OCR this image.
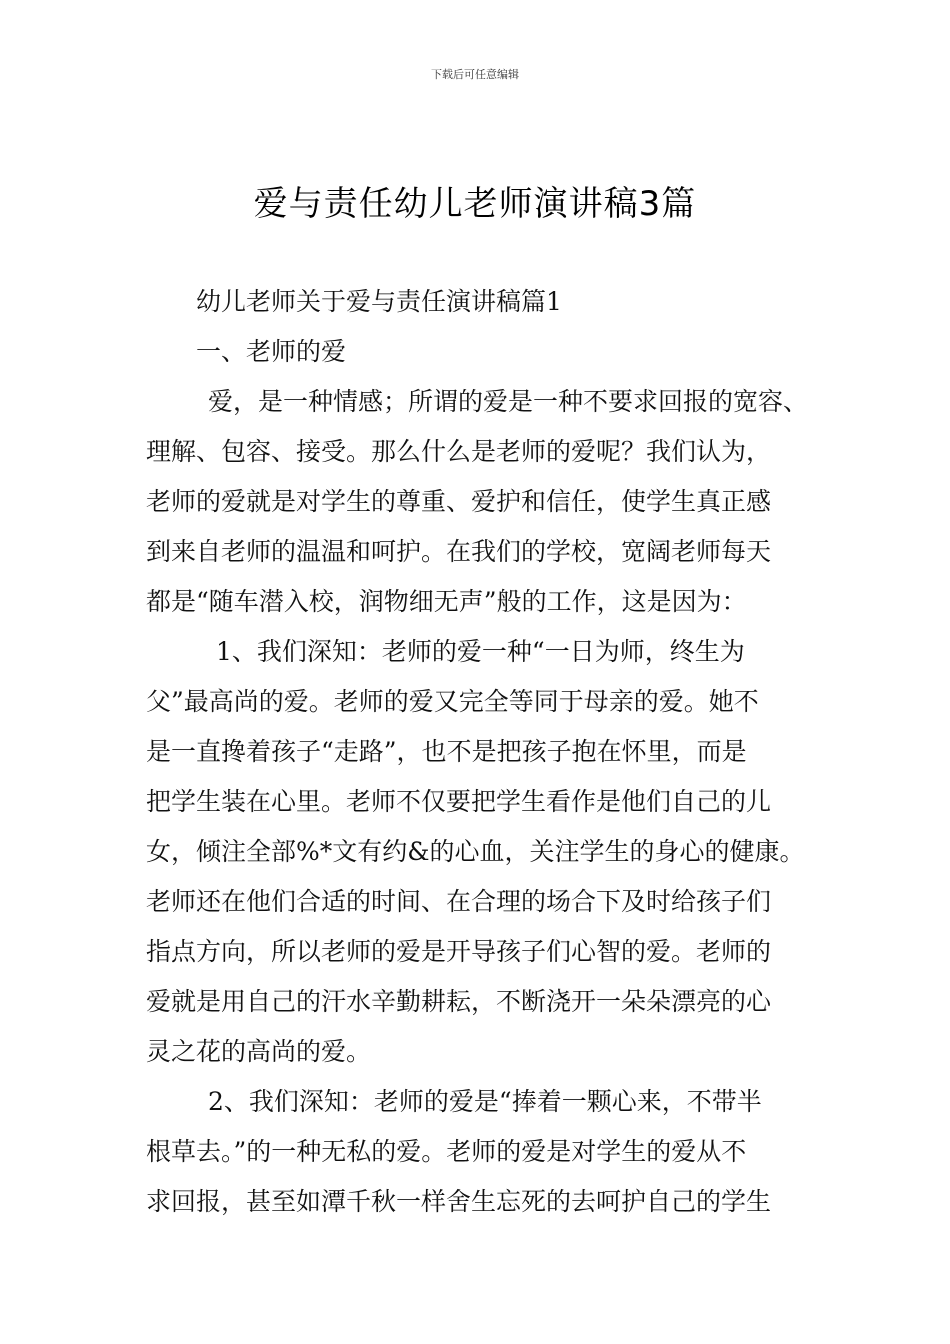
下载后可任意编辑
爱与责任幼儿老师演讲稿3篇
幼儿老师关于爱与责任演讲稿篇1
一、老师的爱
爱，是一种情感；所谓的爱是一种不要求回报的宽容、
理解、包容、接受。那么什么是老师的爱呢？我们认为，
老师的爱就是对学生的尊重、爱护和信任，使学生真正感
到来自老师的温温和呵护。在我们的学校，宽阔老师每天
都是“随车潜入校，润物细无声”般的工作，这是因为：
1、我们深知：老师的爱一种“一日为师，终生为
父”最高尚的爱。老师的爱又完全等同于母亲的爱。她不
是一直搀着孩子“走路”，也不是把孩子抱在怀里，而是
把学生装在心里。老师不仅要把学生看作是他们自己的儿
女，倾注全部%*文有约&的心血，关注学生的身心的健康。
老师还在他们合适的时间、在合理的场合下及时给孩子们
指点方向，所以老师的爱是开导孩子们心智的爱。老师的
爱就是用自己的汗水辛勤耕耘，不断浇开一朵朵漂亮的心
灵之花的高尚的爱。
2、我们深知：老师的爱是“捧着一颗心来，不带半
根草去。”的一种无私的爱。老师的爱是对学生的爱从不
求回报，甚至如潭千秋一样舍生忘死的去呵护自己的学生
